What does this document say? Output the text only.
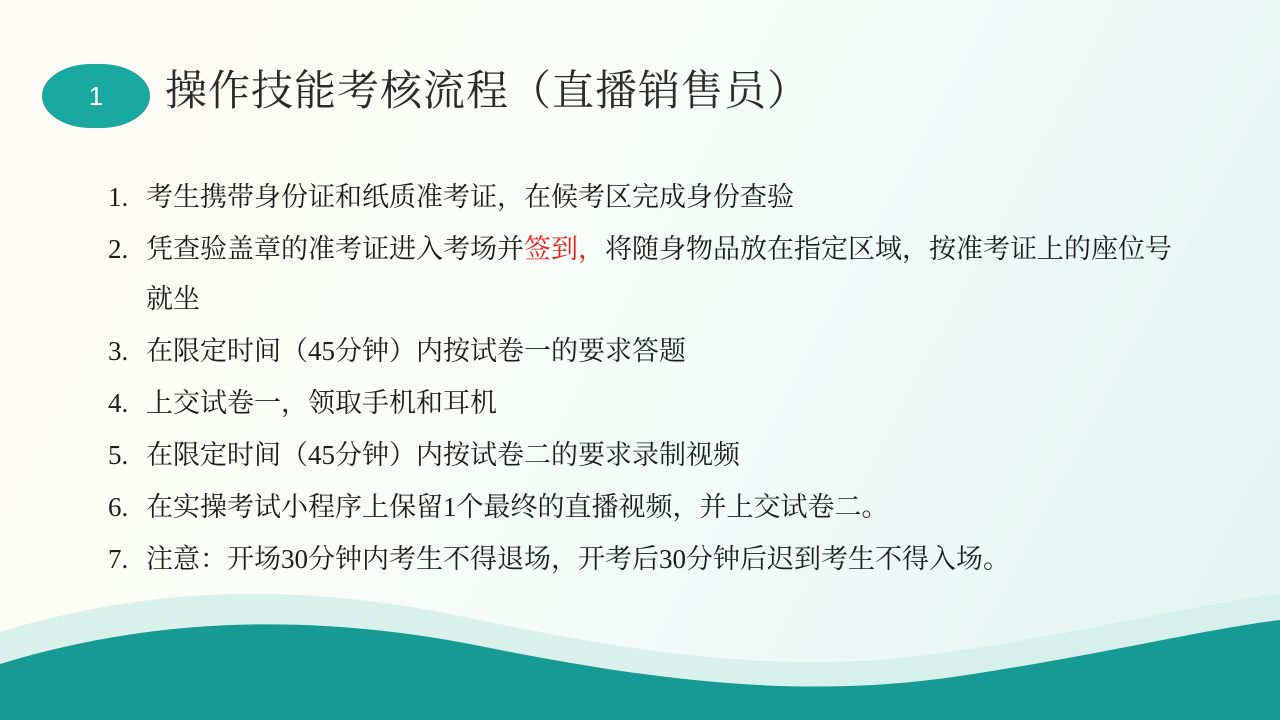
1	操作技能考核流程（直播销售员）
1. 考生携带身份证和纸质准考证，在候考区完成身份查验
2. 凭查验盖章的准考证进入考场并签到，将随身物品放在指定区域，按准考证上的座位号就坐
3. 在限定时间（45分钟）内按试卷一的要求答题
4. 上交试卷一，领取手机和耳机
5. 在限定时间（45分钟）内按试卷二的要求录制视频
6. 在实操考试小程序上保留1个最终的直播视频，并上交试卷二。
7. 注意：开场30分钟内考生不得退场，开考后30分钟后迟到考生不得入场。
